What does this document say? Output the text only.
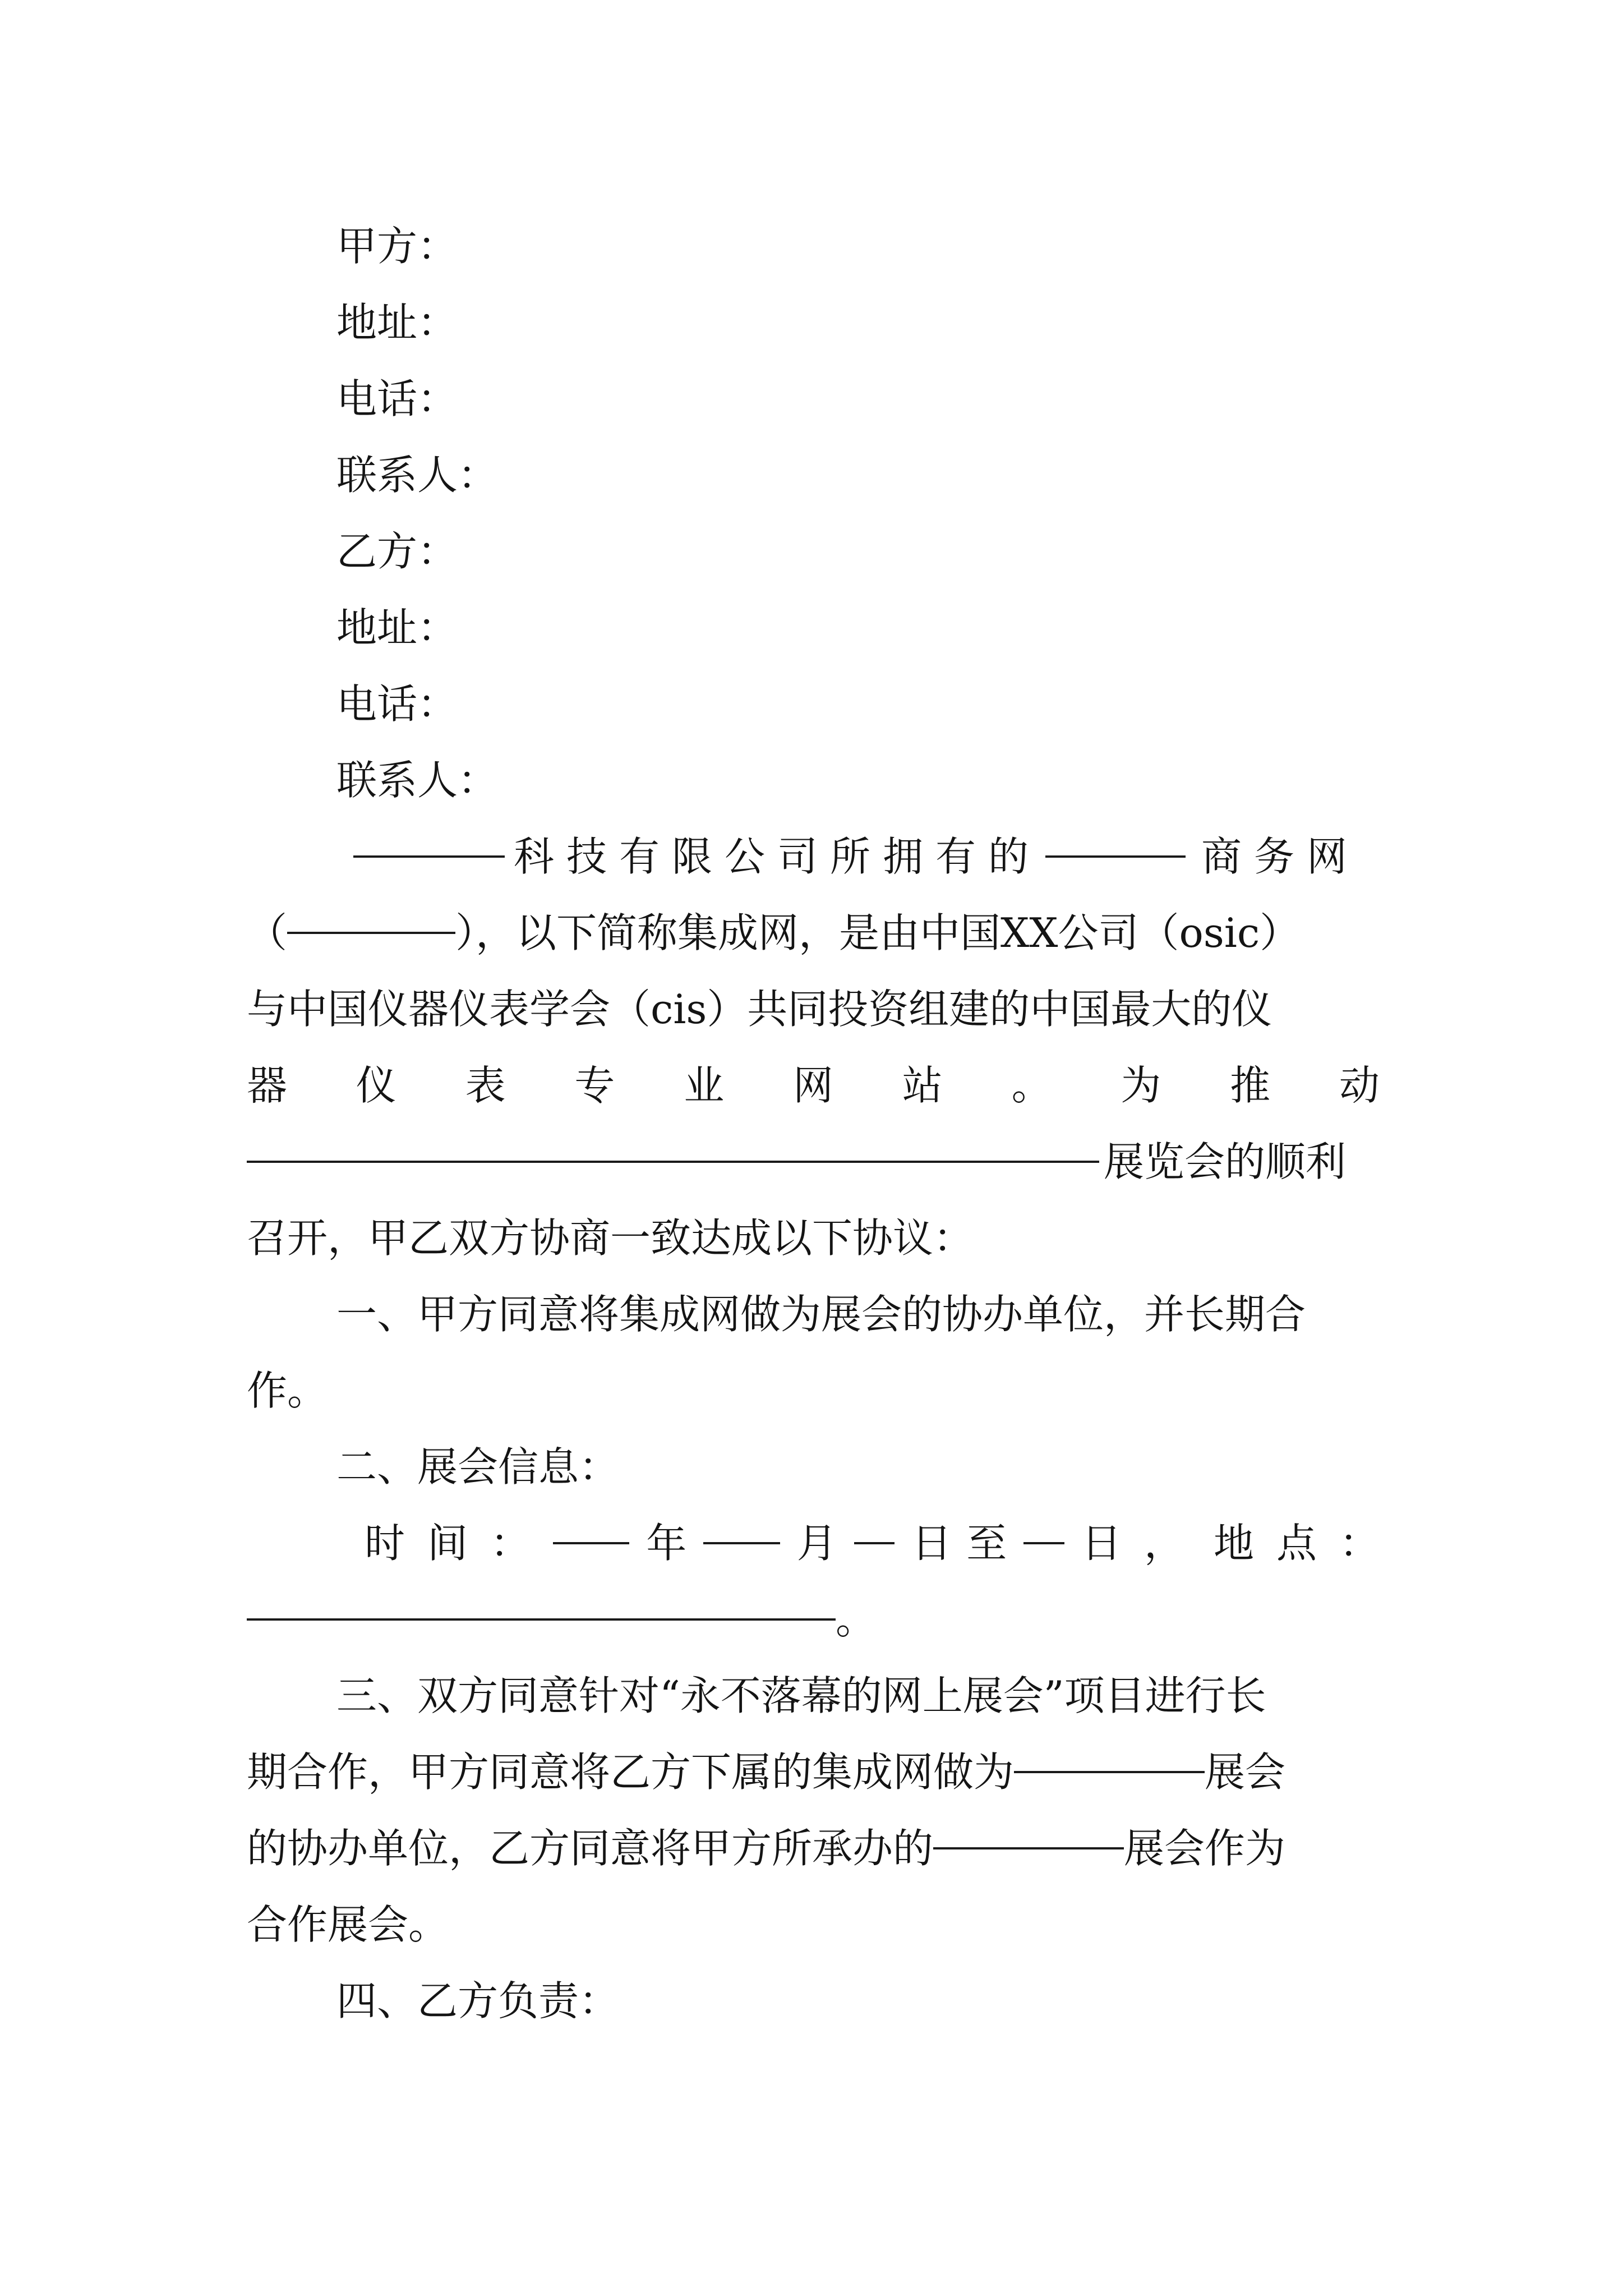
甲方：
地址：
电话：
联系人：
乙方：
地址：
电话：
联系人：
科技有限公司所拥有的	商务网
（	），以下简称集成网，是由中国XX公司（osic）
与中国仪器仪表学会（cis）共同投资组建的中国最大的仪
器 仪 表 专 业 网 站 。 为 推 动
展览会的顺利
召开，甲乙双方协商一致达成以下协议：
一、甲方同意将集成网做为展会的协办单位，并长期合
作。
二、展会信息：
时 间 ：	年	月 日至 日， 地 点 ：
。
三、双方同意针对“永不落幕的网上展会”项目进行长
期合作，甲方同意将乙方下属的集成网做为	展会
的协办单位，乙方同意将甲方所承办的	展会作为
合作展会。
四、乙方负责：
